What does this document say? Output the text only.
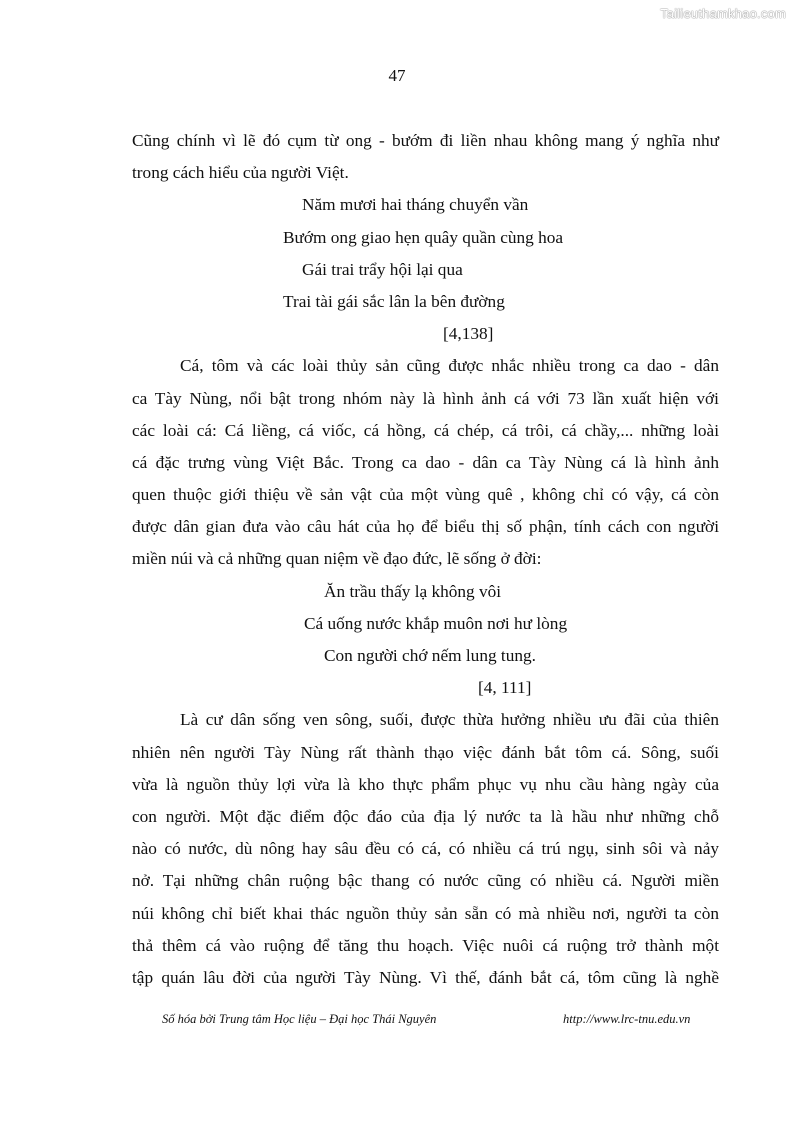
Tailieuthamkhao.com
47
Cũng chính vì lẽ đó cụm từ ong - bướm đi liền nhau không mang ý nghĩa như
trong cách hiểu của người Việt.
Năm mươi hai tháng chuyển vần
Bướm ong giao hẹn quây quần cùng hoa
Gái trai trẩy hội lại qua
Trai tài gái sắc lân la bên đường
[4,138]
Cá, tôm và các loài thủy sản cũng được nhắc nhiều trong ca dao - dân
ca Tày Nùng, nổi bật trong nhóm này là hình ảnh cá với 73 lần xuất hiện với
các loài cá: Cá liềng, cá viốc, cá hồng, cá chép, cá trôi, cá chầy,... những loài
cá đặc trưng vùng Việt Bắc. Trong ca dao - dân ca Tày Nùng cá là hình ảnh
quen thuộc giới thiệu về sản vật của một vùng quê , không chỉ có vậy, cá còn
được dân gian đưa vào câu hát của họ để biểu thị số phận, tính cách con người
miền núi và cả những quan niệm về đạo đức, lẽ sống ở đời:
Ăn trầu thấy lạ không vôi
Cá uống nước khắp muôn nơi hư lòng
Con người chớ nếm lung tung.
[4, 111]
Là cư dân sống ven sông, suối, được thừa hưởng nhiều ưu đãi của thiên
nhiên nên người Tày Nùng rất thành thạo việc đánh bắt tôm cá. Sông, suối
vừa là nguồn thủy lợi vừa là kho thực phẩm phục vụ nhu cầu hàng ngày của
con người. Một đặc điểm độc đáo của địa lý nước ta là hầu như những chỗ
nào có nước, dù nông hay sâu đều có cá, có nhiều cá trú ngụ, sinh sôi và nảy
nở. Tại những chân ruộng bậc thang có nước cũng có nhiều cá. Người miền
núi không chỉ biết khai thác nguồn thủy sản sẵn có mà nhiều nơi, người ta còn
thả thêm cá vào ruộng để tăng thu hoạch. Việc nuôi cá ruộng trở thành một
tập quán lâu đời của người Tày Nùng. Vì thế, đánh bắt cá, tôm cũng là nghề
Số hóa bởi Trung tâm Học liệu – Đại học Thái Nguyên	http://www.lrc-tnu.edu.vn
